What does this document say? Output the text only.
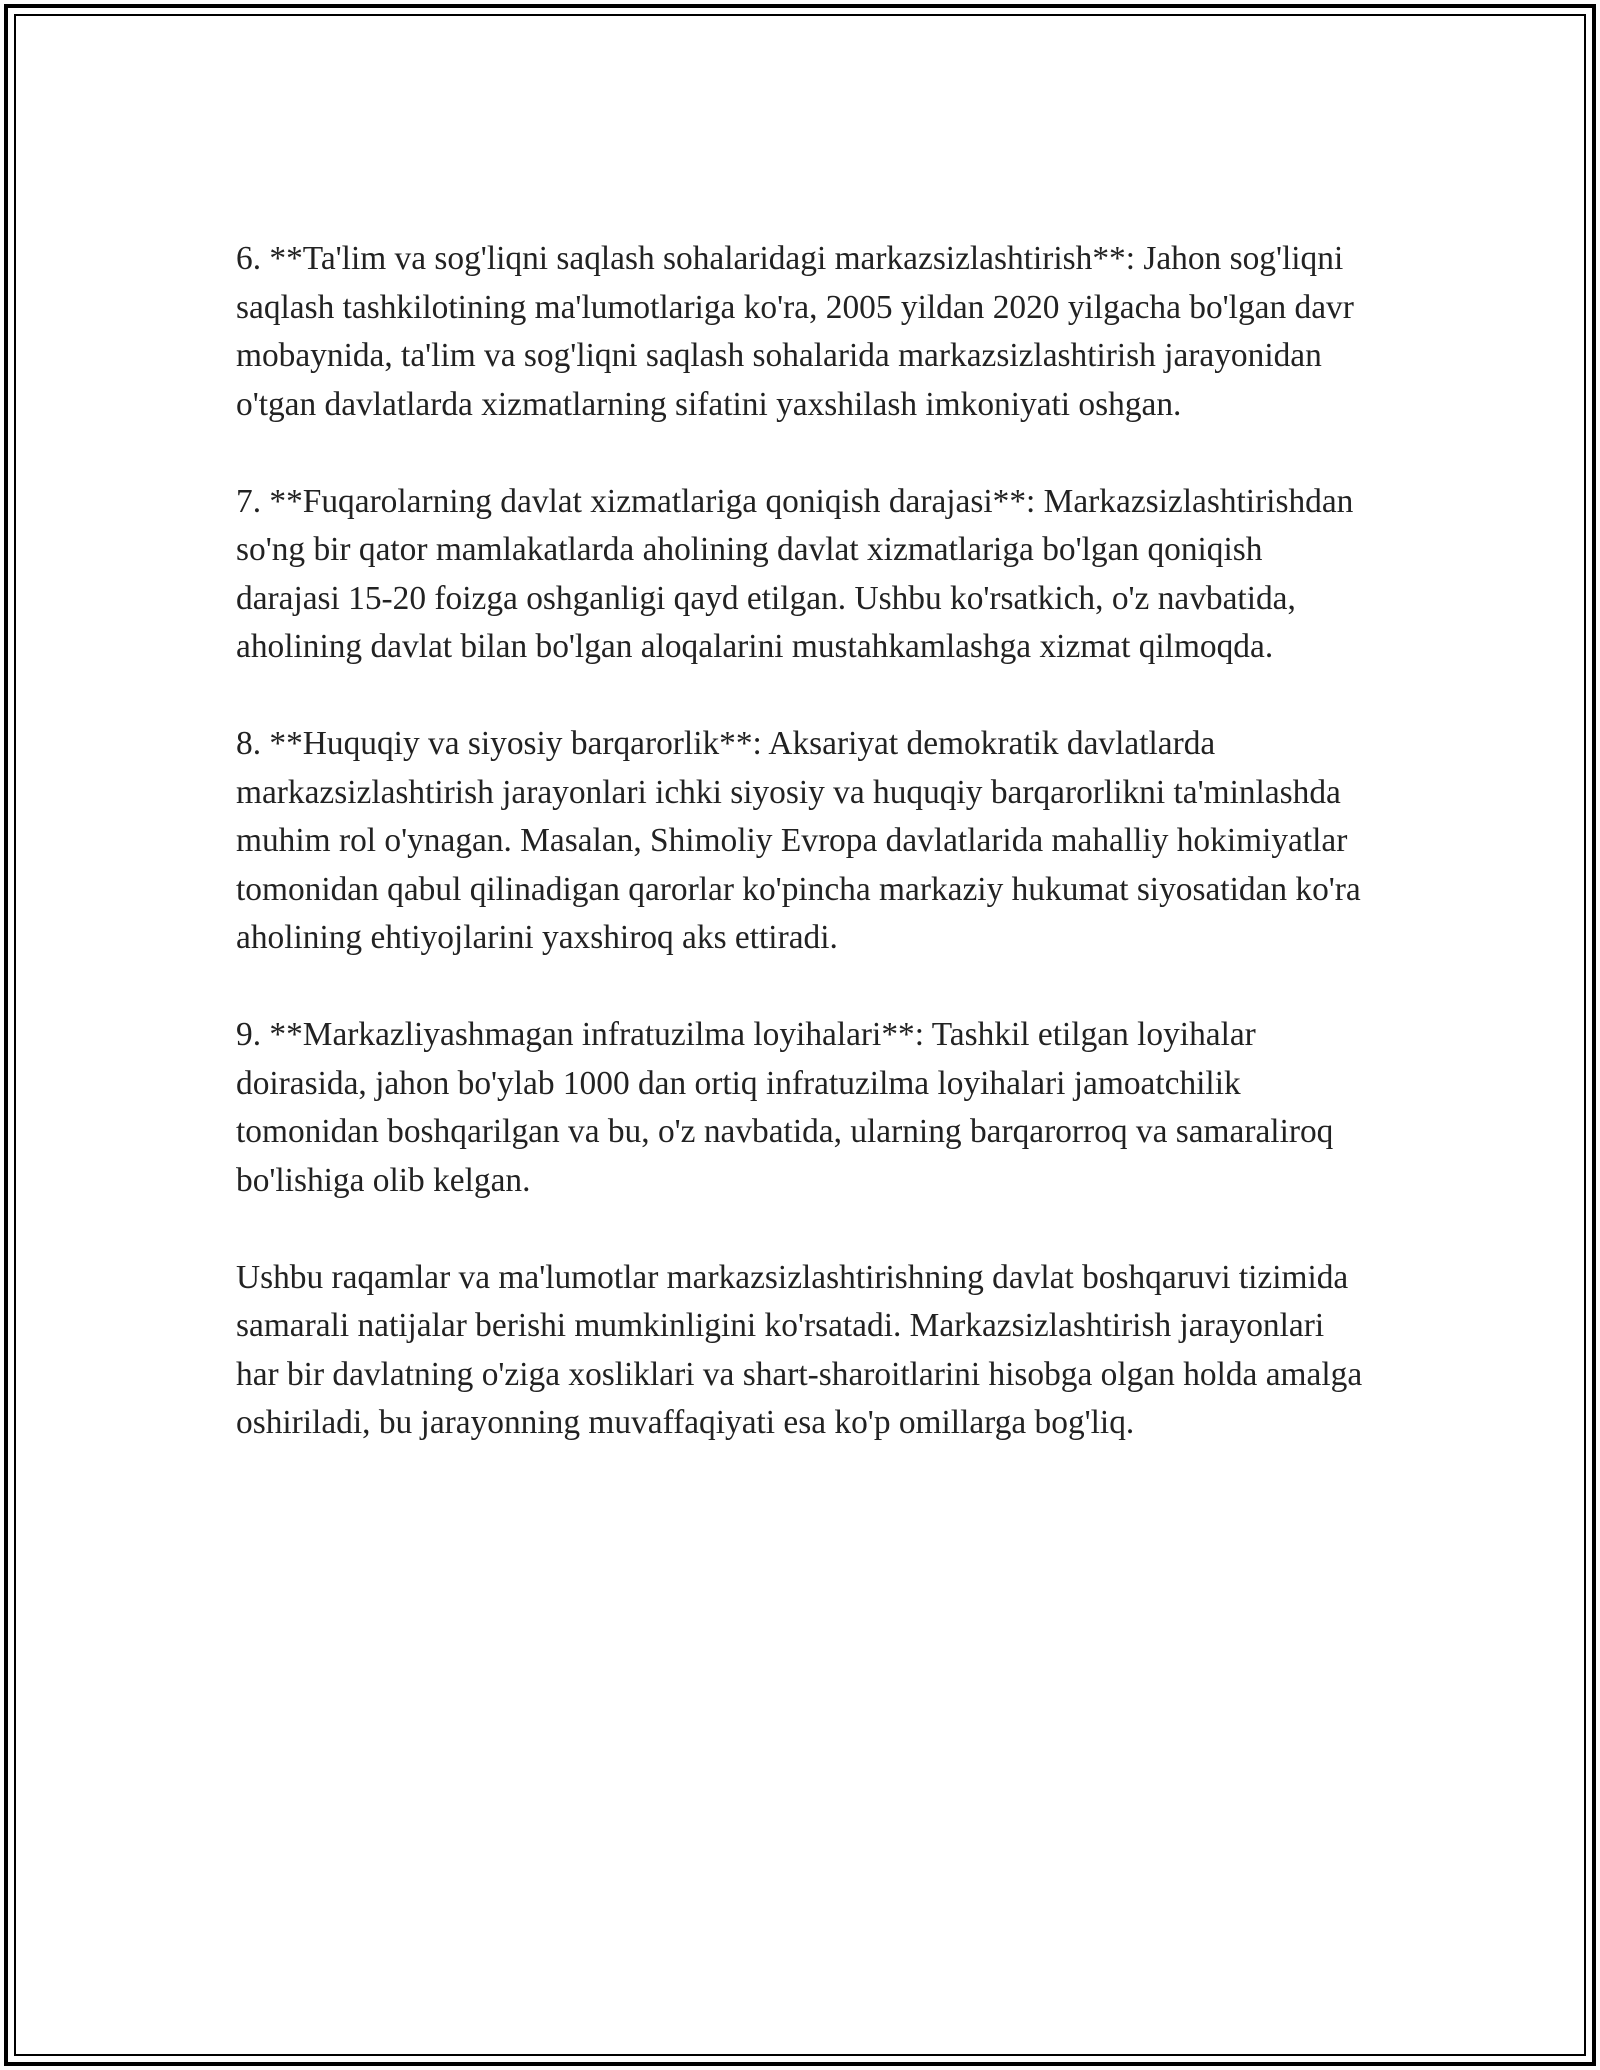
6. **Ta'lim va sog'liqni saqlash sohalaridagi markazsizlashtirish**: Jahon sog'liqni saqlash tashkilotining ma'lumotlariga ko'ra, 2005 yildan 2020 yilgacha bo'lgan davr mobaynida, ta'lim va sog'liqni saqlash sohalarida markazsizlashtirish jarayonidan o'tgan davlatlarda xizmatlarning sifatini yaxshilash imkoniyati oshgan.

7. **Fuqarolarning davlat xizmatlariga qoniqish darajasi**: Markazsizlashtirishdan so'ng bir qator mamlakatlarda aholining davlat xizmatlariga bo'lgan qoniqish darajasi 15-20 foizga oshganligi qayd etilgan. Ushbu ko'rsatkich, o'z navbatida, aholining davlat bilan bo'lgan aloqalarini mustahkamlashga xizmat qilmoqda.

8. **Huquqiy va siyosiy barqarorlik**: Aksariyat demokratik davlatlarda markazsizlashtirish jarayonlari ichki siyosiy va huquqiy barqarorlikni ta'minlashda muhim rol o'ynagan. Masalan, Shimoliy Evropa davlatlarida mahalliy hokimiyatlar tomonidan qabul qilinadigan qarorlar ko'pincha markaziy hukumat siyosatidan ko'ra aholining ehtiyojlarini yaxshiroq aks ettiradi.

9. **Markazliyashmagan infratuzilma loyihalari**: Tashkil etilgan loyihalar doirasida, jahon bo'ylab 1000 dan ortiq infratuzilma loyihalari jamoatchilik tomonidan boshqarilgan va bu, o'z navbatida, ularning barqarorroq va samaraliroq bo'lishiga olib kelgan.

Ushbu raqamlar va ma'lumotlar markazsizlashtirishning davlat boshqaruvi tizimida samarali natijalar berishi mumkinligini ko'rsatadi. Markazsizlashtirish jarayonlari har bir davlatning o'ziga xosliklari va shart-sharoitlarini hisobga olgan holda amalga oshiriladi, bu jarayonning muvaffaqiyati esa ko'p omillarga bog'liq.
